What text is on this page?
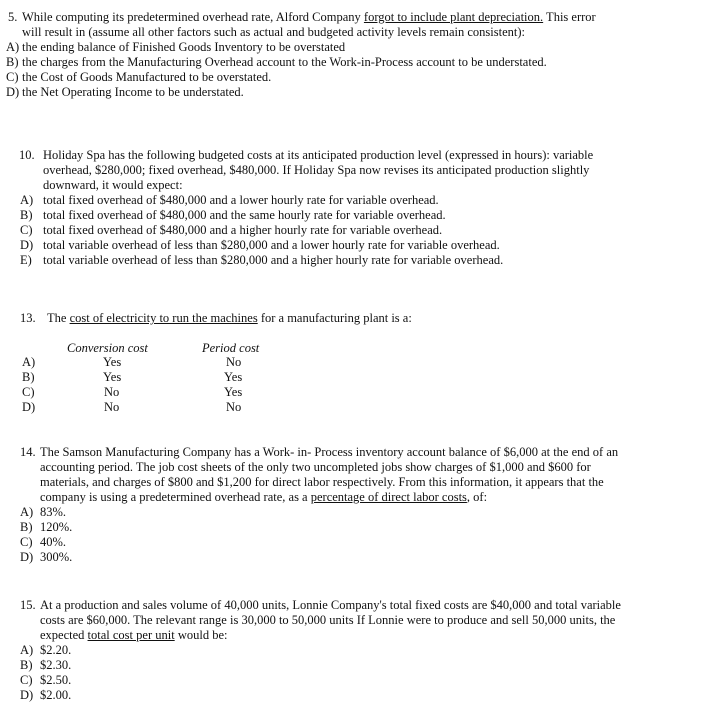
5. While computing its predetermined overhead rate, Alford Company forgot to include plant depreciation. This error
will result in (assume all other factors such as actual and budgeted activity levels remain consistent):
A) the ending balance of Finished Goods Inventory to be overstated
B) the charges from the Manufacturing Overhead account to the Work-in-Process account to be understated.
C) the Cost of Goods Manufactured to be overstated.
D) the Net Operating Income to be understated.
10. Holiday Spa has the following budgeted costs at its anticipated production level (expressed in hours): variable
overhead, $280,000; fixed overhead, $480,000. If Holiday Spa now revises its anticipated production slightly
downward, it would expect:
A) total fixed overhead of $480,000 and a lower hourly rate for variable overhead.
B) total fixed overhead of $480,000 and the same hourly rate for variable overhead.
C) total fixed overhead of $480,000 and a higher hourly rate for variable overhead.
D) total variable overhead of less than $280,000 and a lower hourly rate for variable overhead.
E) total variable overhead of less than $280,000 and a higher hourly rate for variable overhead.
13. The cost of electricity to run the machines for a manufacturing plant is a:
Conversion cost	Period cost
A)	Yes	No
B)	Yes	Yes
C)	No	Yes
D)	No	No
14. The Samson Manufacturing Company has a Work- in- Process inventory account balance of $6,000 at the end of an
accounting period. The job cost sheets of the only two uncompleted jobs show charges of $1,000 and $600 for
materials, and charges of $800 and $1,200 for direct labor respectively. From this information, it appears that the
company is using a predetermined overhead rate, as a percentage of direct labor costs, of:
A) 83%.
B) 120%.
C) 40%.
D) 300%.
15. At a production and sales volume of 40,000 units, Lonnie Company's total fixed costs are $40,000 and total variable
costs are $60,000. The relevant range is 30,000 to 50,000 units If Lonnie were to produce and sell 50,000 units, the
expected total cost per unit would be:
A) $2.20.
B) $2.30.
C) $2.50.
D) $2.00.
